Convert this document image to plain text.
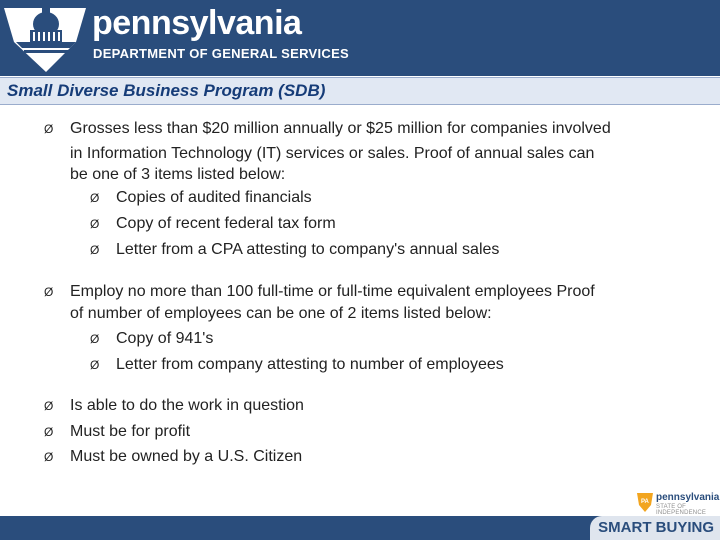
pennsylvania
DEPARTMENT OF GENERAL SERVICES
Small Diverse Business Program (SDB)
Ø	Grosses less than $20 million annually or $25 million for companies involved
in Information Technology (IT) services or sales. Proof of annual sales can
be one of 3 items listed below:
Ø	Copies of audited financials
Ø	Copy of recent federal tax form
Ø	Letter from a CPA attesting to company's annual sales
Ø	Employ no more than 100 full-time or full-time equivalent employees Proof
of number of employees can be one of 2 items listed below:
Ø	Copy of 941's
Ø	Letter from company attesting to number of employees
Ø	Is able to do the work in question
Ø	Must be for profit
Ø	Must be owned by a U.S. Citizen
PA pennsylvania
STATE OF INDEPENDENCE
SMART BUYING
